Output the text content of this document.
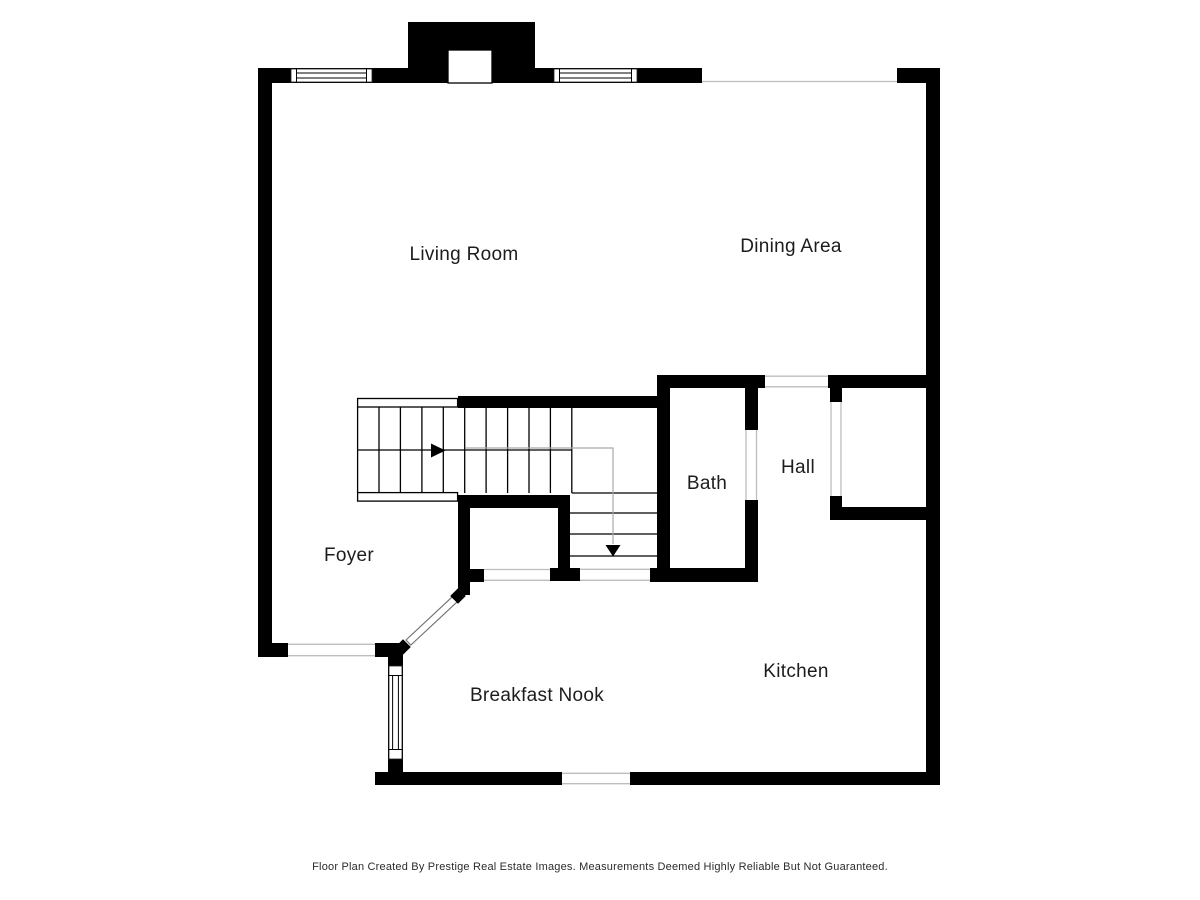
Living Room	Dining Area
Bath
Hall
Foyer
Kitchen
Breakfast Nook
Floor Plan Created By Prestige Real Estate Images. Measurements Deemed Highly Reliable But Not Guaranteed.
